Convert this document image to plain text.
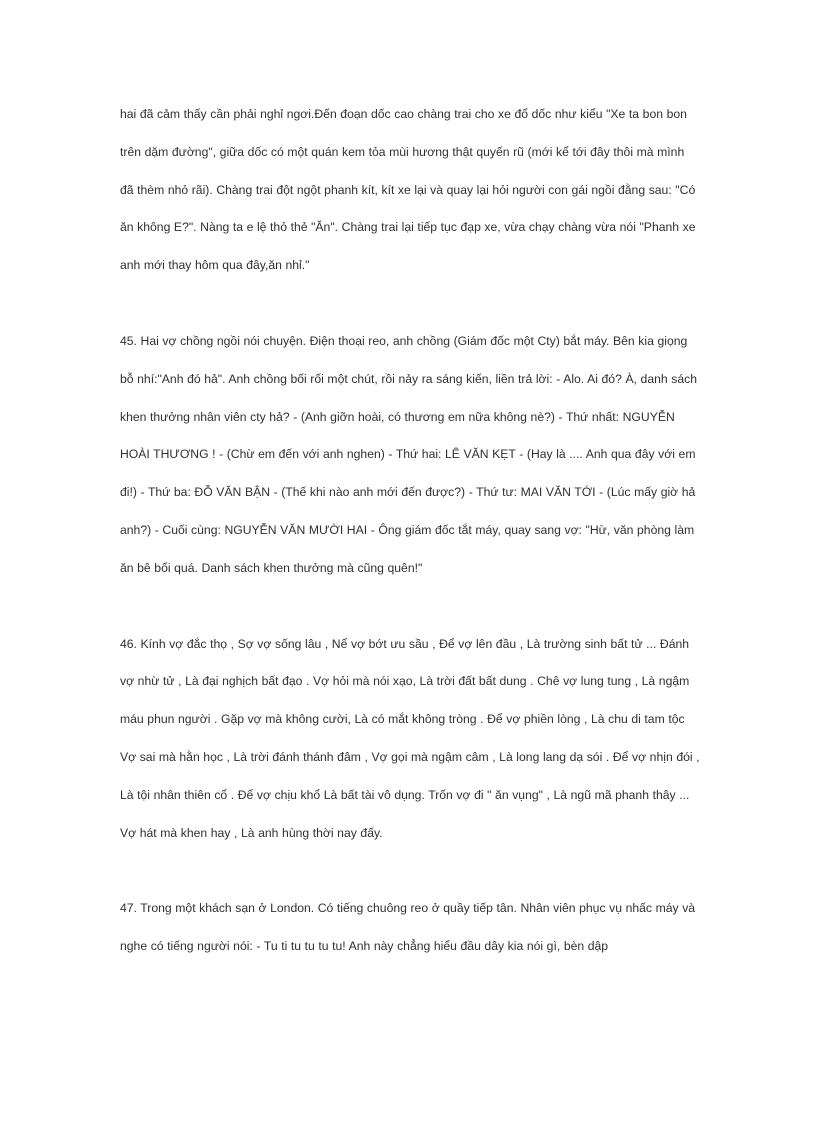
hai đã cảm thấy cần phải nghỉ ngơi.Đến đoạn dốc cao chàng trai cho xe đổ dốc như kiểu "Xe ta bon bon trên dặm đường", giữa dốc có một quán kem tỏa mùi hương thật quyến rũ (mới kể tới đây thôi mà mình đã thèm nhỏ rãi). Chàng trai đột ngột phanh kít, kít xe lại và quay lại hỏi người con gái ngồi đằng sau: "Có ăn không E?". Nàng ta e lệ thỏ thẻ "Ăn". Chàng trai lại tiếp tục đạp xe, vừa chạy chàng vừa nói "Phanh xe anh mới thay hôm qua đây,ăn nhỉ."

45. Hai vợ chồng ngồi nói chuyện. Điện thoại reo, anh chồng (Giám đốc một Cty) bắt máy. Bên kia giọng bỗ nhí:"Anh đó hả". Anh chồng bối rối một chút, rồi nảy ra sáng kiến, liền trả lời: - Alo. Ai đó? À, danh sách khen thưởng nhân viên cty hả? - (Anh giỡn hoài, có thương em nữa không nè?) - Thứ nhất: NGUYỄN HOÀI THƯƠNG ! - (Chừ em đến với anh nghen) - Thứ hai: LÊ VĂN KẸT - (Hay là .... Anh qua đây với em đi!) - Thứ ba: ĐỖ VĂN BẬN - (Thế khi nào anh mới đến được?) - Thứ tư: MAI VĂN TỚI - (Lúc mấy giờ hả anh?) - Cuối cùng: NGUYỄN VĂN MƯỜI HAI - Ông giám đốc tắt máy, quay sang vợ: "Hừ, văn phòng làm ăn bê bối quá. Danh sách khen thưởng mà cũng quên!"

46. Kính vợ đắc thọ , Sợ vợ sống lâu , Nể vợ bớt ưu sầu , Để vợ lên đầu , Là trường sinh bất tử ... Đánh vợ nhừ tử , Là đại nghịch bất đạo . Vợ hỏi mà nói xạo, Là trời đất bất dung . Chê vợ lung tung , Là ngậm máu phun người . Gặp vợ mà không cười, Là có mắt không tròng . Để vợ phiền lòng , Là chu di tam tộc Vợ sai mà hằn học , Là trời đánh thánh đâm , Vợ gọi mà ngậm câm , Là long lang dạ sói . Để vợ nhịn đói , Là tội nhân thiên cổ . Để vợ chịu khổ Là bất tài vô dụng. Trốn vợ đi " ăn vụng" , Là ngũ mã phanh thây ... Vợ hát mà khen hay , Là anh hùng thời nay đấy.

47. Trong một khách sạn ở London. Có tiếng chuông reo ở quầy tiếp tân. Nhân viên phục vụ nhấc máy và nghe có tiếng người nói: - Tu ti tu tu tu tu! Anh này chẳng hiểu đầu dây kia nói gì, bèn dập
